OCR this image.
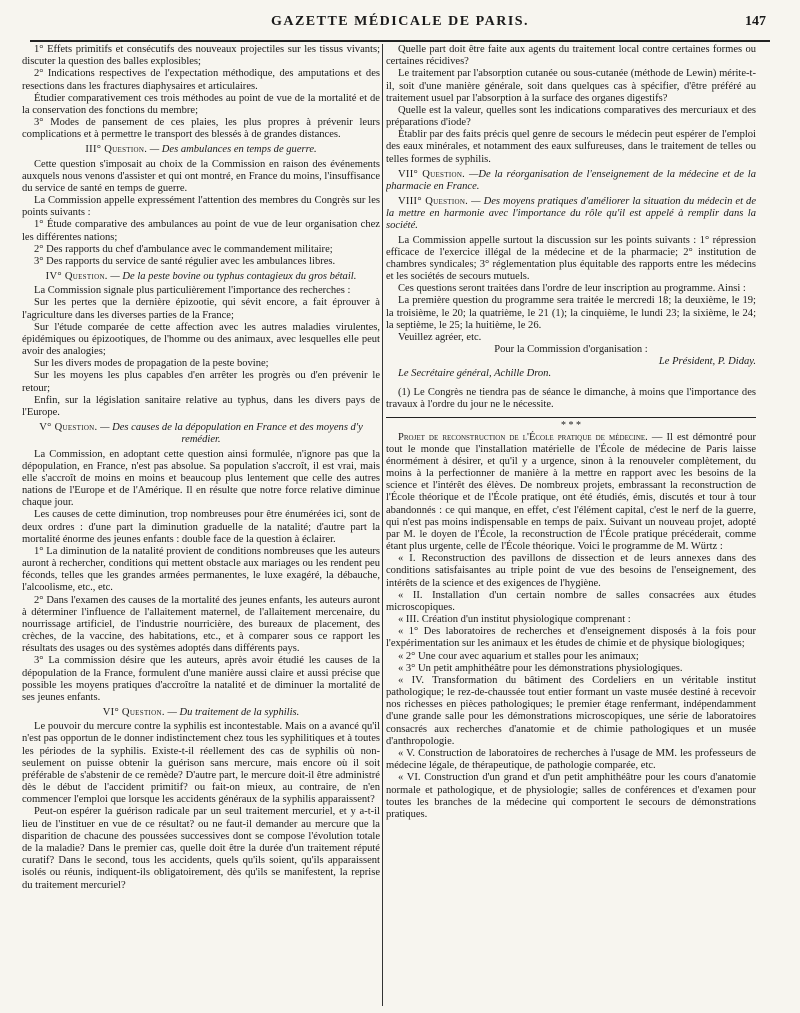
GAZETTE MÉDICALE DE PARIS.	147

1° Effets primitifs et consécutifs des nouveaux projectiles sur les tissus vivants; discuter la question des balles explosibles;

2° Indications respectives de l'expectation méthodique, des amputations et des resections dans les fractures diaphysaires et articulaires.

Étudier comparativement ces trois méthodes au point de vue de la mortalité et de la conservation des fonctions du membre;

3° Modes de pansement de ces plaies, les plus propres à prévenir leurs complications et à permettre le transport des blessés à de grandes distances.

III° Question. — Des ambulances en temps de guerre.

Cette question s'imposait au choix de la Commission en raison des événements auxquels nous venons d'assister et qui ont montré, en France du moins, l'insuffisance du service de santé en temps de guerre.

La Commission appelle expressément l'attention des membres du Congrès sur les points suivants :

1° Étude comparative des ambulances au point de vue de leur organisation chez les différentes nations;

2° Des rapports du chef d'ambulance avec le commandement militaire;

3° Des rapports du service de santé régulier avec les ambulances libres.

IV° Question. — De la peste bovine ou typhus contagieux du gros bétail.

La Commission signale plus particulièrement l'importance des recherches :

Sur les pertes que la dernière épizootie, qui sévit encore, a fait éprouver à l'agriculture dans les diverses parties de la France;

Sur l'étude comparée de cette affection avec les autres maladies virulentes, épidémiques ou épizootiques, de l'homme ou des animaux, avec lesquelles elle peut avoir des analogies;

Sur les divers modes de propagation de la peste bovine;

Sur les moyens les plus capables d'en arrêter les progrès ou d'en prévenir le retour;

Enfin, sur la législation sanitaire relative au typhus, dans les divers pays de l'Europe.

V° Question. — Des causes de la dépopulation en France et des moyens d'y remédier.

La Commission, en adoptant cette question ainsi formulée, n'ignore pas que la dépopulation, en France, n'est pas absolue. Sa population s'accroît, il est vrai, mais elle s'accroît de moins en moins et beaucoup plus lentement que celle des autres nations de l'Europe et de l'Amérique. Il en résulte que notre force relative diminue chaque jour.

Les causes de cette diminution, trop nombreuses pour être énumérées ici, sont de deux ordres : d'une part la diminution graduelle de la natalité; d'autre part la mortalité énorme des jeunes enfants : double face de la question à éclairer.

1° La diminution de la natalité provient de conditions nombreuses que les auteurs auront à rechercher, conditions qui mettent obstacle aux mariages ou les rendent peu féconds, telles que les grandes armées permanentes, le luxe exagéré, la débauche, l'alcoolisme, etc., etc.

2° Dans l'examen des causes de la mortalité des jeunes enfants, les auteurs auront à déterminer l'influence de l'allaitement maternel, de l'allaitement mercenaire, du nourrissage artificiel, de l'industrie nourricière, des bureaux de placement, des crèches, de la vaccine, des habitations, etc., et à comparer sous ce rapport les résultats des usages ou des systèmes adoptés dans différents pays.

3° La commission désire que les auteurs, après avoir étudié les causes de la dépopulation de la France, formulent d'une manière aussi claire et aussi précise que possible les moyens pratiques d'accroître la natalité et de diminuer la mortalité de ses jeunes enfants.

VI° Question. — Du traitement de la syphilis.

Le pouvoir du mercure contre la syphilis est incontestable. Mais on a avancé qu'il n'est pas opportun de le donner indistinctement chez tous les syphilitiques et à toutes les périodes de la syphilis. Existe-t-il réellement des cas de syphilis où non-seulement on puisse obtenir la guérison sans mercure, mais encore où il soit préférable de s'abstenir de ce remède? D'autre part, le mercure doit-il être administré dès le début de l'accident primitif? ou fait-on mieux, au contraire, de n'en commencer l'emploi que lorsque les accidents généraux de la syphilis apparaissent?

Peut-on espérer la guérison radicale par un seul traitement mercuriel, et y a-t-il lieu de l'instituer en vue de ce résultat? ou ne faut-il demander au mercure que la disparition de chacune des poussées successives dont se compose l'évolution totale de la maladie? Dans le premier cas, quelle doit être la durée d'un traitement réputé curatif? Dans le second, tous les accidents, quels qu'ils soient, qu'ils apparaissent isolés ou réunis, indiquent-ils obligatoirement, dès qu'ils se manifestent, la reprise du traitement mercuriel?

Quelle part doit être faite aux agents du traitement local contre certaines formes ou certaines récidives?

Le traitement par l'absorption cutanée ou sous-cutanée (méthode de Lewin) mérite-t-il, soit d'une manière générale, soit dans quelques cas à spécifier, d'être préféré au traitement usuel par l'absorption à la surface des organes digestifs?

Quelle est la valeur, quelles sont les indications comparatives des mercuriaux et des préparations d'iode?

Établir par des faits précis quel genre de secours le médecin peut espérer de l'emploi des eaux minérales, et notamment des eaux sulfureuses, dans le traitement de telles ou telles formes de syphilis.

VII° Question. —De la réorganisation de l'enseignement de la médecine et de la pharmacie en France.

VIII° Question. — Des moyens pratiques d'améliorer la situation du médecin et de la mettre en harmonie avec l'importance du rôle qu'il est appelé à remplir dans la société.

La Commission appelle surtout la discussion sur les points suivants : 1° répression efficace de l'exercice illégal de la médecine et de la pharmacie; 2° institution de chambres syndicales; 3° réglementation plus équitable des rapports entre les médecins et les sociétés de secours mutuels.

Ces questions seront traitées dans l'ordre de leur inscription au programme. Ainsi :

La première question du programme sera traitée le mercredi 18; la deuxième, le 19; la troisième, le 20; la quatrième, le 21 (1); la cinquième, le lundi 23; la sixième, le 24; la septième, le 25; la huitième, le 26.

Veuillez agréer, etc.

Pour la Commission d'organisation :

Le Président, P. Diday.

Le Secrétaire général, Achille Dron.

(1) Le Congrès ne tiendra pas de séance le dimanche, à moins que l'importance des travaux à l'ordre du jour ne le nécessite.

* * *

Projet de reconstruction de l'École pratique de médecine. — Il est démontré pour tout le monde que l'installation matérielle de l'École de médecine de Paris laisse énormément à désirer, et qu'il y a urgence, sinon à la renouveler complètement, du moins à la perfectionner de manière à la mettre en rapport avec les besoins de la science et l'intérêt des élèves. De nombreux projets, embrassant la reconstruction de l'École théorique et de l'École pratique, ont été étudiés, émis, discutés et tour à tour abandonnés : ce qui manque, en effet, c'est l'élément capital, c'est le nerf de la guerre, qui n'est pas moins indispensable en temps de paix. Suivant un nouveau projet, adopté par M. le doyen de l'École, la reconstruction de l'École pratique précéderait, comme étant plus urgente, celle de l'École théorique. Voici le programme de M. Würtz :

« I. Reconstruction des pavillons de dissection et de leurs annexes dans des conditions satisfaisantes au triple point de vue des besoins de l'enseignement, des intérêts de la science et des exigences de l'hygiène.

« II. Installation d'un certain nombre de salles consacrées aux études microscopiques.

« III. Création d'un institut physiologique comprenant :

« 1° Des laboratoires de recherches et d'enseignement disposés à la fois pour l'expérimentation sur les animaux et les études de chimie et de physique biologiques;

« 2° Une cour avec aquarium et stalles pour les animaux;

« 3° Un petit amphithéâtre pour les démonstrations physiologiques.

« IV. Transformation du bâtiment des Cordeliers en un véritable institut pathologique; le rez-de-chaussée tout entier formant un vaste musée destiné à recevoir nos richesses en pièces pathologiques; le premier étage renfermant, indépendamment d'une grande salle pour les démonstrations microscopiques, une série de laboratoires consacrés aux recherches d'anatomie et de chimie pathologiques et un musée d'anthropologie.

« V. Construction de laboratoires de recherches à l'usage de MM. les professeurs de médecine légale, de thérapeutique, de pathologie comparée, etc.

« VI. Construction d'un grand et d'un petit amphithéâtre pour les cours d'anatomie normale et pathologique, et de physiologie; salles de conférences et d'examen pour toutes les branches de la médecine qui comportent le secours de démonstrations pratiques.
